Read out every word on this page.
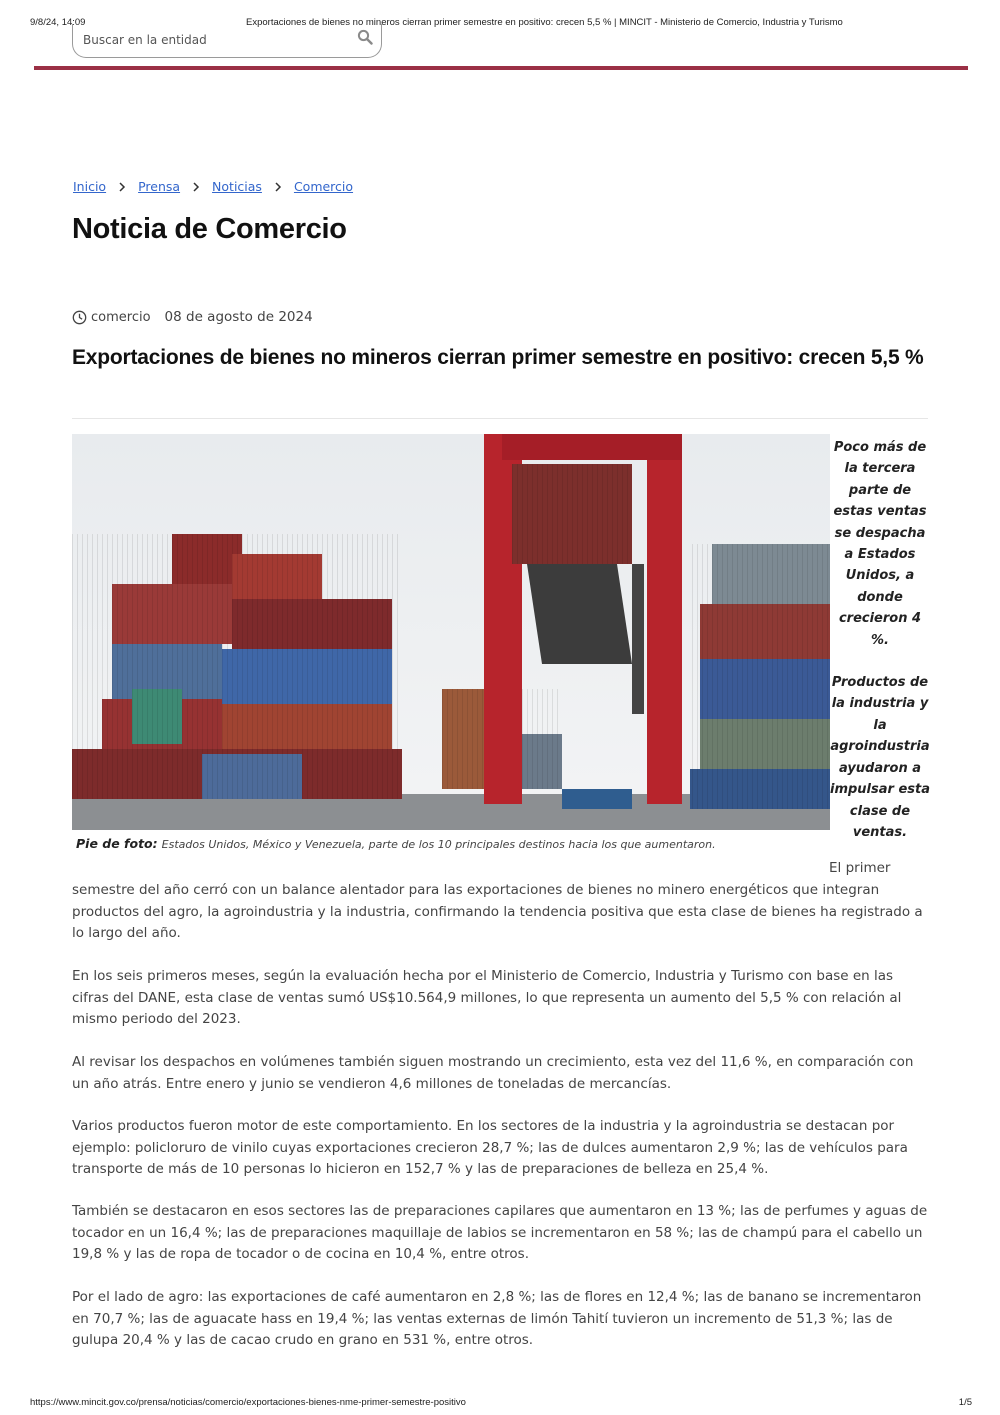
9/8/24, 14:09	Exportaciones de bienes no mineros cierran primer semestre en positivo: crecen 5,5 % | MINCIT - Ministerio de Comercio, Industria y Turismo
Buscar en la entidad
Inicio	Prensa	Noticias	Comercio
Noticia de Comercio
comercio 08 de agosto de 2024
Exportaciones de bienes no mineros cierran primer semestre en positivo: crecen 5,5 %

Poco más de la tercera parte de estas ventas se despacha a Estados Unidos, a donde crecieron 4 %.

Productos de la industria y la agroindustria ayudaron a impulsar esta clase de ventas.

Pie de foto: Estados Unidos, México y Venezuela, parte de los 10 principales destinos hacia los que aumentaron.
El primer

semestre del año cerró con un balance alentador para las exportaciones de bienes no minero energéticos que integran productos del agro, la agroindustria y la industria, confirmando la tendencia positiva que esta clase de bienes ha registrado a lo largo del año.

En los seis primeros meses, según la evaluación hecha por el Ministerio de Comercio, Industria y Turismo con base en las cifras del DANE, esta clase de ventas sumó US$10.564,9 millones, lo que representa un aumento del 5,5 % con relación al mismo periodo del 2023.

Al revisar los despachos en volúmenes también siguen mostrando un crecimiento, esta vez del 11,6 %, en comparación con un año atrás. Entre enero y junio se vendieron 4,6 millones de toneladas de mercancías.

Varios productos fueron motor de este comportamiento. En los sectores de la industria y la agroindustria se destacan por ejemplo: policloruro de vinilo cuyas exportaciones crecieron 28,7 %; las de dulces aumentaron 2,9 %; las de vehículos para transporte de más de 10 personas lo hicieron en 152,7 % y las de preparaciones de belleza en 25,4 %.

También se destacaron en esos sectores las de preparaciones capilares que aumentaron en 13 %; las de perfumes y aguas de tocador en un 16,4 %; las de preparaciones maquillaje de labios se incrementaron en 58 %; las de champú para el cabello un 19,8 % y las de ropa de tocador o de cocina en 10,4 %, entre otros.

Por el lado de agro: las exportaciones de café aumentaron en 2,8 %; las de flores en 12,4 %; las de banano se incrementaron en 70,7 %; las de aguacate hass en 19,4 %; las ventas externas de limón Tahití tuvieron un incremento de 51,3 %; las de gulupa 20,4 % y las de cacao crudo en grano en 531 %, entre otros.

https://www.mincit.gov.co/prensa/noticias/comercio/exportaciones-bienes-nme-primer-semestre-positivo	1/5
